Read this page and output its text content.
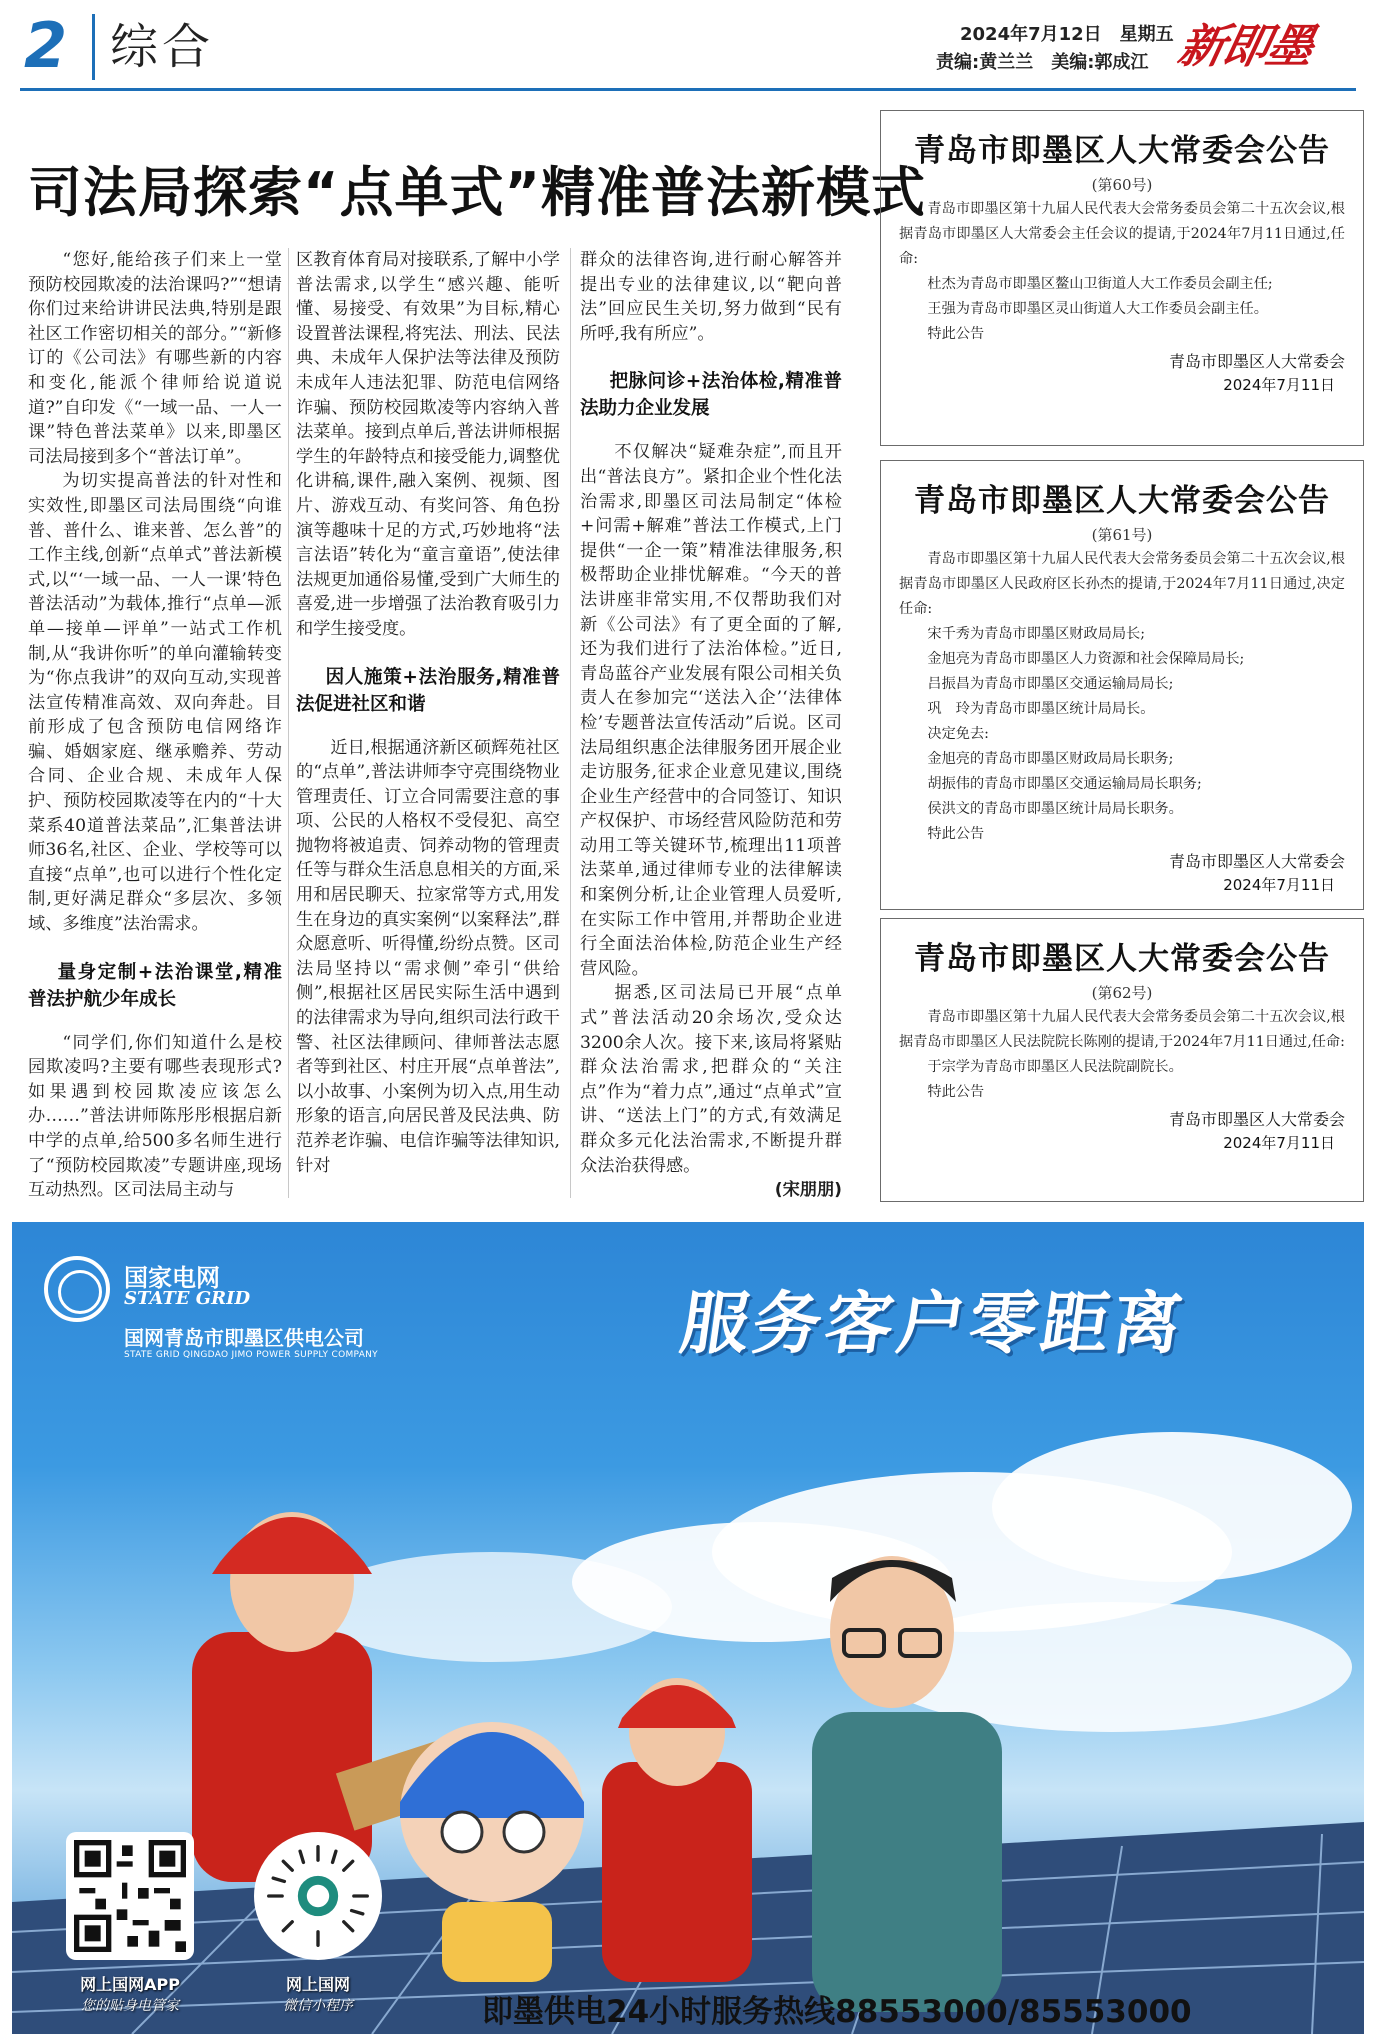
2 综合	2024年7月12日　星期五
责编:黄兰兰　美编:郭成江 新即墨
司法局探索“点单式”精准普法新模式

“您好,能给孩子们来上一堂预防校园欺凌的法治课吗?”“想请你们过来给讲讲民法典,特别是跟社区工作密切相关的部分。”“新修订的《公司法》有哪些新的内容和变化,能派个律师给说道说道?”自印发《“一域一品、一人一课”特色普法菜单》以来,即墨区司法局接到多个“普法订单”。

为切实提高普法的针对性和实效性,即墨区司法局围绕“向谁普、普什么、谁来普、怎么普”的工作主线,创新“点单式”普法新模式,以“‘一域一品、一人一课’特色普法活动”为载体,推行“点单—派单—接单—评单”一站式工作机制,从“我讲你听”的单向灌输转变为“你点我讲”的双向互动,实现普法宣传精准高效、双向奔赴。目前形成了包含预防电信网络诈骗、婚姻家庭、继承赡养、劳动合同、企业合规、未成年人保护、预防校园欺凌等在内的“十大菜系40道普法菜品”,汇集普法讲师36名,社区、企业、学校等可以直接“点单”,也可以进行个性化定制,更好满足群众“多层次、多领域、多维度”法治需求。

量身定制+法治课堂,精准普法护航少年成长

“同学们,你们知道什么是校园欺凌吗?主要有哪些表现形式?如果遇到校园欺凌应该怎么办……”普法讲师陈彤彤根据启新中学的点单,给500多名师生进行了“预防校园欺凌”专题讲座,现场互动热烈。区司法局主动与

区教育体育局对接联系,了解中小学普法需求,以学生“感兴趣、能听懂、易接受、有效果”为目标,精心设置普法课程,将宪法、刑法、民法典、未成年人保护法等法律及预防未成年人违法犯罪、防范电信网络诈骗、预防校园欺凌等内容纳入普法菜单。接到点单后,普法讲师根据学生的年龄特点和接受能力,调整优化讲稿,课件,融入案例、视频、图片、游戏互动、有奖问答、角色扮演等趣味十足的方式,巧妙地将“法言法语”转化为“童言童语”,使法律法规更加通俗易懂,受到广大师生的喜爱,进一步增强了法治教育吸引力和学生接受度。

因人施策+法治服务,精准普法促进社区和谐

近日,根据通济新区硕辉苑社区的“点单”,普法讲师李守亮围绕物业管理责任、订立合同需要注意的事项、公民的人格权不受侵犯、高空抛物将被追责、饲养动物的管理责任等与群众生活息息相关的方面,采用和居民聊天、拉家常等方式,用发生在身边的真实案例“以案释法”,群众愿意听、听得懂,纷纷点赞。区司法局坚持以“需求侧”牵引“供给侧”,根据社区居民实际生活中遇到的法律需求为导向,组织司法行政干警、社区法律顾问、律师普法志愿者等到社区、村庄开展“点单普法”,以小故事、小案例为切入点,用生动形象的语言,向居民普及民法典、防范养老诈骗、电信诈骗等法律知识,针对

群众的法律咨询,进行耐心解答并提出专业的法律建议,以“靶向普法”回应民生关切,努力做到“民有所呼,我有所应”。

把脉问诊+法治体检,精准普法助力企业发展

不仅解决“疑难杂症”,而且开出“普法良方”。紧扣企业个性化法治需求,即墨区司法局制定“体检+问需+解难”普法工作模式,上门提供“一企一策”精准法律服务,积极帮助企业排忧解难。“今天的普法讲座非常实用,不仅帮助我们对新《公司法》有了更全面的了解,还为我们进行了法治体检。”近日,青岛蓝谷产业发展有限公司相关负责人在参加完“‘送法入企’‘法律体检’专题普法宣传活动”后说。区司法局组织惠企法律服务团开展企业走访服务,征求企业意见建议,围绕企业生产经营中的合同签订、知识产权保护、市场经营风险防范和劳动用工等关键环节,梳理出11项普法菜单,通过律师专业的法律解读和案例分析,让企业管理人员爱听,在实际工作中管用,并帮助企业进行全面法治体检,防范企业生产经营风险。

据悉,区司法局已开展“点单式”普法活动20余场次,受众达3200余人次。接下来,该局将紧贴群众法治需求,把群众的“关注点”作为“着力点”,通过“点单式”宣讲、“送法上门”的方式,有效满足群众多元化法治需求,不断提升群众法治获得感。

(宋朋朋)
青岛市即墨区人大常委会公告
(第60号)

青岛市即墨区第十九届人民代表大会常务委员会第二十五次会议,根据青岛市即墨区人大常委会主任会议的提请,于2024年7月11日通过,任命:

杜杰为青岛市即墨区鳌山卫街道人大工作委员会副主任;

王强为青岛市即墨区灵山街道人大工作委员会副主任。

特此公告

青岛市即墨区人大常委会
2024年7月11日
青岛市即墨区人大常委会公告
(第61号)

青岛市即墨区第十九届人民代表大会常务委员会第二十五次会议,根据青岛市即墨区人民政府区长孙杰的提请,于2024年7月11日通过,决定任命:

宋千秀为青岛市即墨区财政局局长;

金旭亮为青岛市即墨区人力资源和社会保障局局长;

吕振昌为青岛市即墨区交通运输局局长;

巩　玲为青岛市即墨区统计局局长。

决定免去:

金旭亮的青岛市即墨区财政局局长职务;

胡振伟的青岛市即墨区交通运输局局长职务;

侯洪文的青岛市即墨区统计局局长职务。

特此公告

青岛市即墨区人大常委会
2024年7月11日
青岛市即墨区人大常委会公告
(第62号)

青岛市即墨区第十九届人民代表大会常务委员会第二十五次会议,根据青岛市即墨区人民法院院长陈刚的提请,于2024年7月11日通过,任命:

于宗学为青岛市即墨区人民法院副院长。

特此公告

青岛市即墨区人大常委会
2024年7月11日
国家电网
STATE GRID
国网青岛市即墨区供电公司
STATE GRID QINGDAO JIMO POWER SUPPLY COMPANY	服务客户零距离
网上国网APP
您的贴身电管家
网上国网
微信小程序	即墨供电24小时服务热线88553000/85553000
